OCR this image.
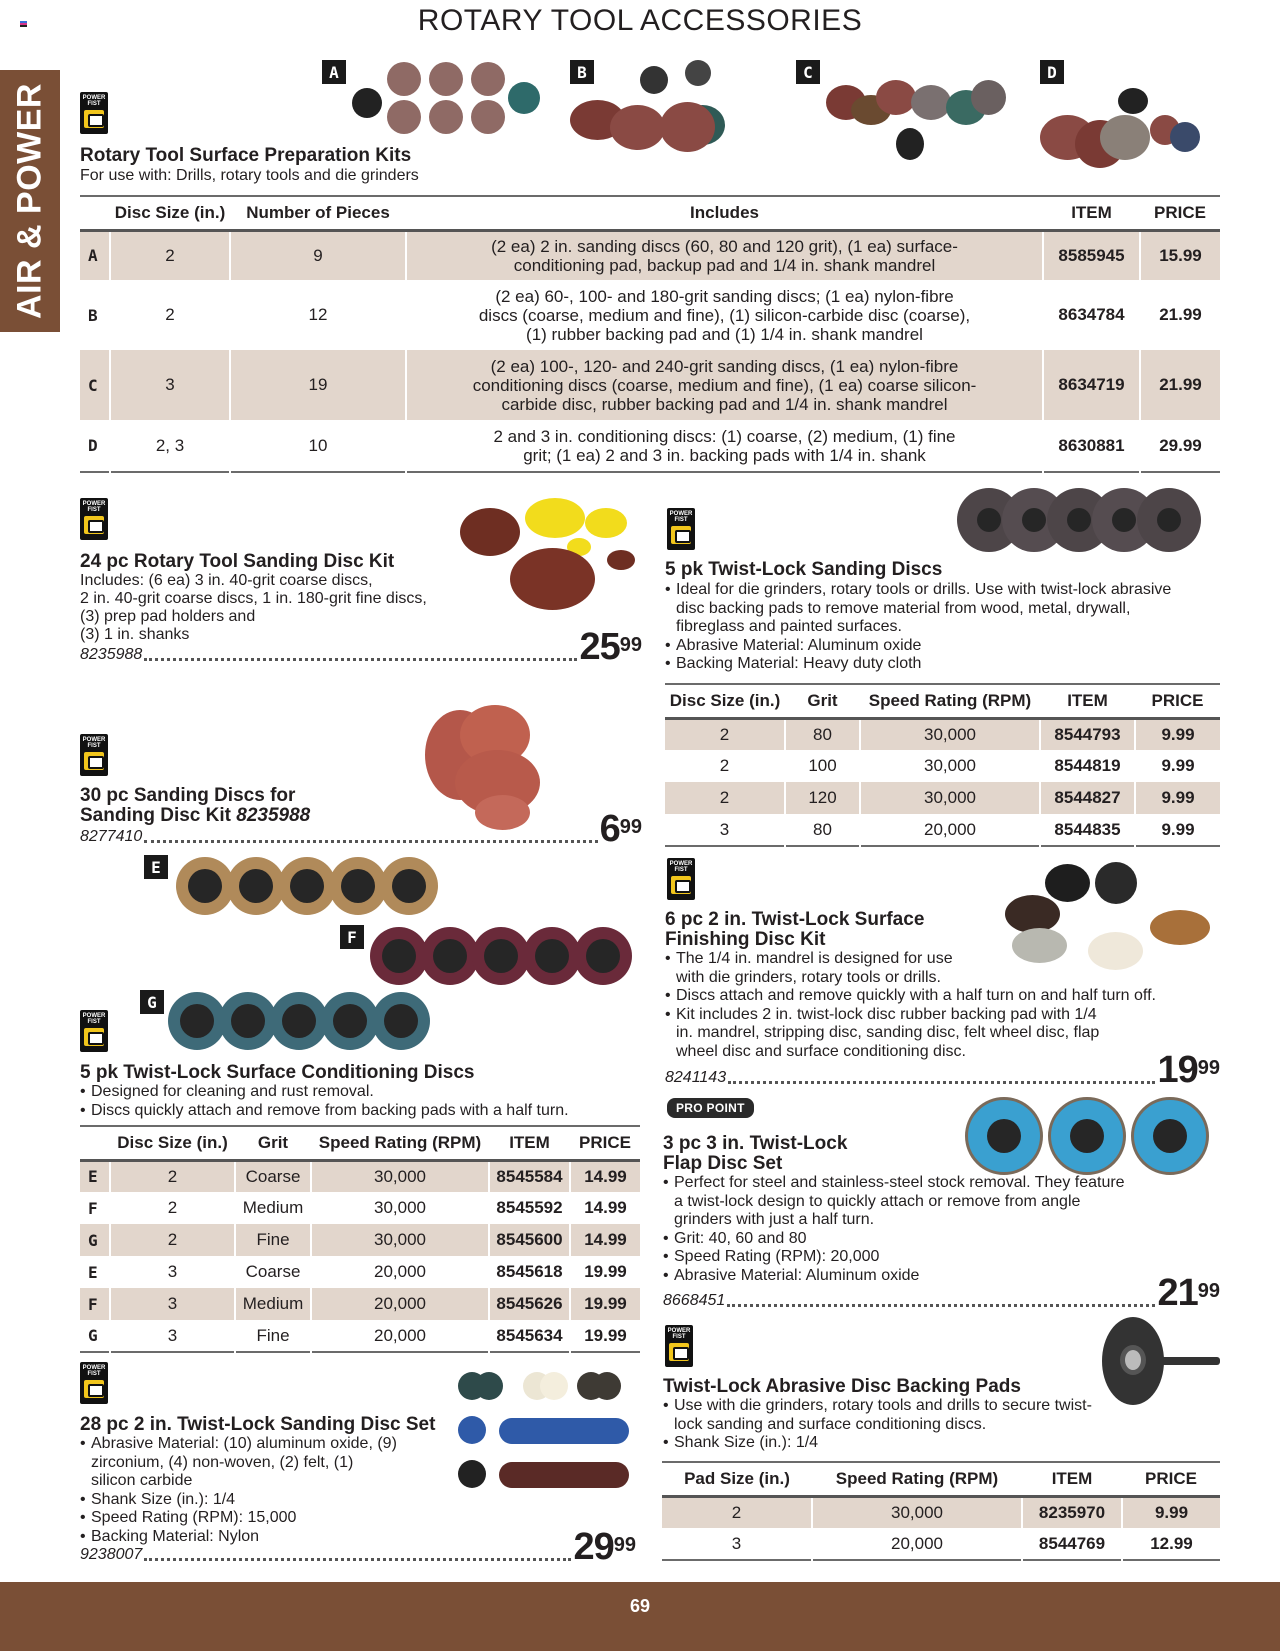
ROTARY TOOL ACCESSORIES
AIR & POWER	POWER
FIST
A	B	C	D
Rotary Tool Surface Preparation Kits
For use with: Drills, rotary tools and die grinders
	Disc Size (in.)	Number of Pieces	Includes	ITEM	PRICE
A	2	9	(2 ea) 2 in. sanding discs (60, 80 and 120 grit), (1 ea) surface-
conditioning pad, backup pad and 1/4 in. shank mandrel	8585945	15.99
B	2	12	(2 ea) 60-, 100- and 180-grit sanding discs; (1 ea) nylon-fibre
discs (coarse, medium and fine), (1) silicon-carbide disc (coarse),
(1) rubber backing pad and (1) 1/4 in. shank mandrel	8634784	21.99
C	3	19	(2 ea) 100-, 120- and 240-grit sanding discs, (1 ea) nylon-fibre
conditioning discs (coarse, medium and fine), (1 ea) coarse silicon-
carbide disc, rubber backing pad and 1/4 in. shank mandrel	8634719	21.99
D	2, 3	10	2 and 3 in. conditioning discs: (1) coarse, (2) medium, (1) fine
grit; (1 ea) 2 and 3 in. backing pads with 1/4 in. shank	8630881	29.99
POWER
FIST
24 pc Rotary Tool Sanding Disc Kit
Includes: (6 ea) 3 in. 40-grit coarse discs,
2 in. 40-grit coarse discs, 1 in. 180-grit fine discs,
(3) prep pad holders and
(3) 1 in. shanks
8235988	$25^{99}$
POWER
FIST
30 pc Sanding Discs for
Sanding Disc Kit 8235988
8277410	$6^{99}$
E
F
G
POWER
FIST
5 pk Twist-Lock Surface Conditioning Discs
• Designed for cleaning and rust removal.
• Discs quickly attach and remove from backing pads with a half turn.
	Disc Size (in.)	Grit	Speed Rating (RPM)	ITEM	PRICE
E	2	Coarse	30,000	8545584	14.99
F	2	Medium	30,000	8545592	14.99
G	2	Fine	30,000	8545600	14.99
E	3	Coarse	20,000	8545618	19.99
F	3	Medium	20,000	8545626	19.99
G	3	Fine	20,000	8545634	19.99
POWER
FIST
28 pc 2 in. Twist-Lock Sanding Disc Set
• Abrasive Material: (10) aluminum oxide, (9) zirconium, (4) non-woven, (2) felt, (1) silicon carbide
• Shank Size (in.): 1/4
• Speed Rating (RPM): 15,000
• Backing Material: Nylon
9238007	$29^{99}$
POWER
FIST
5 pk Twist-Lock Sanding Discs
• Ideal for die grinders, rotary tools or drills. Use with twist-lock abrasive disc backing pads to remove material from wood, metal, drywall, fibreglass and painted surfaces.
• Abrasive Material: Aluminum oxide
• Backing Material: Heavy duty cloth
Disc Size (in.)	Grit	Speed Rating (RPM)	ITEM	PRICE
2	80	30,000	8544793	9.99
2	100	30,000	8544819	9.99
2	120	30,000	8544827	9.99
3	80	20,000	8544835	9.99
POWER
FIST
6 pc 2 in. Twist-Lock Surface
Finishing Disc Kit
• The 1/4 in. mandrel is designed for use with die grinders, rotary tools or drills.
• Discs attach and remove quickly with a half turn on and half turn off.
• Kit includes 2 in. twist-lock disc rubber backing pad with 1/4 in. mandrel, stripping disc, sanding disc, felt wheel disc, flap wheel disc and surface conditioning disc.
8241143	$19^{99}$
PRO POINT
3 pc 3 in. Twist-Lock
Flap Disc Set
• Perfect for steel and stainless-steel stock removal. They feature a twist-lock design to quickly attach or remove from angle grinders with just a half turn.
• Grit: 40, 60 and 80
• Speed Rating (RPM): 20,000
• Abrasive Material: Aluminum oxide
8668451	$21^{99}$
POWER
FIST
Twist-Lock Abrasive Disc Backing Pads
• Use with die grinders, rotary tools and drills to secure twist-lock sanding and surface conditioning discs.
• Shank Size (in.): 1/4
Pad Size (in.)	Speed Rating (RPM)	ITEM	PRICE
2	30,000	8235970	9.99
3	20,000	8544769	12.99
69
